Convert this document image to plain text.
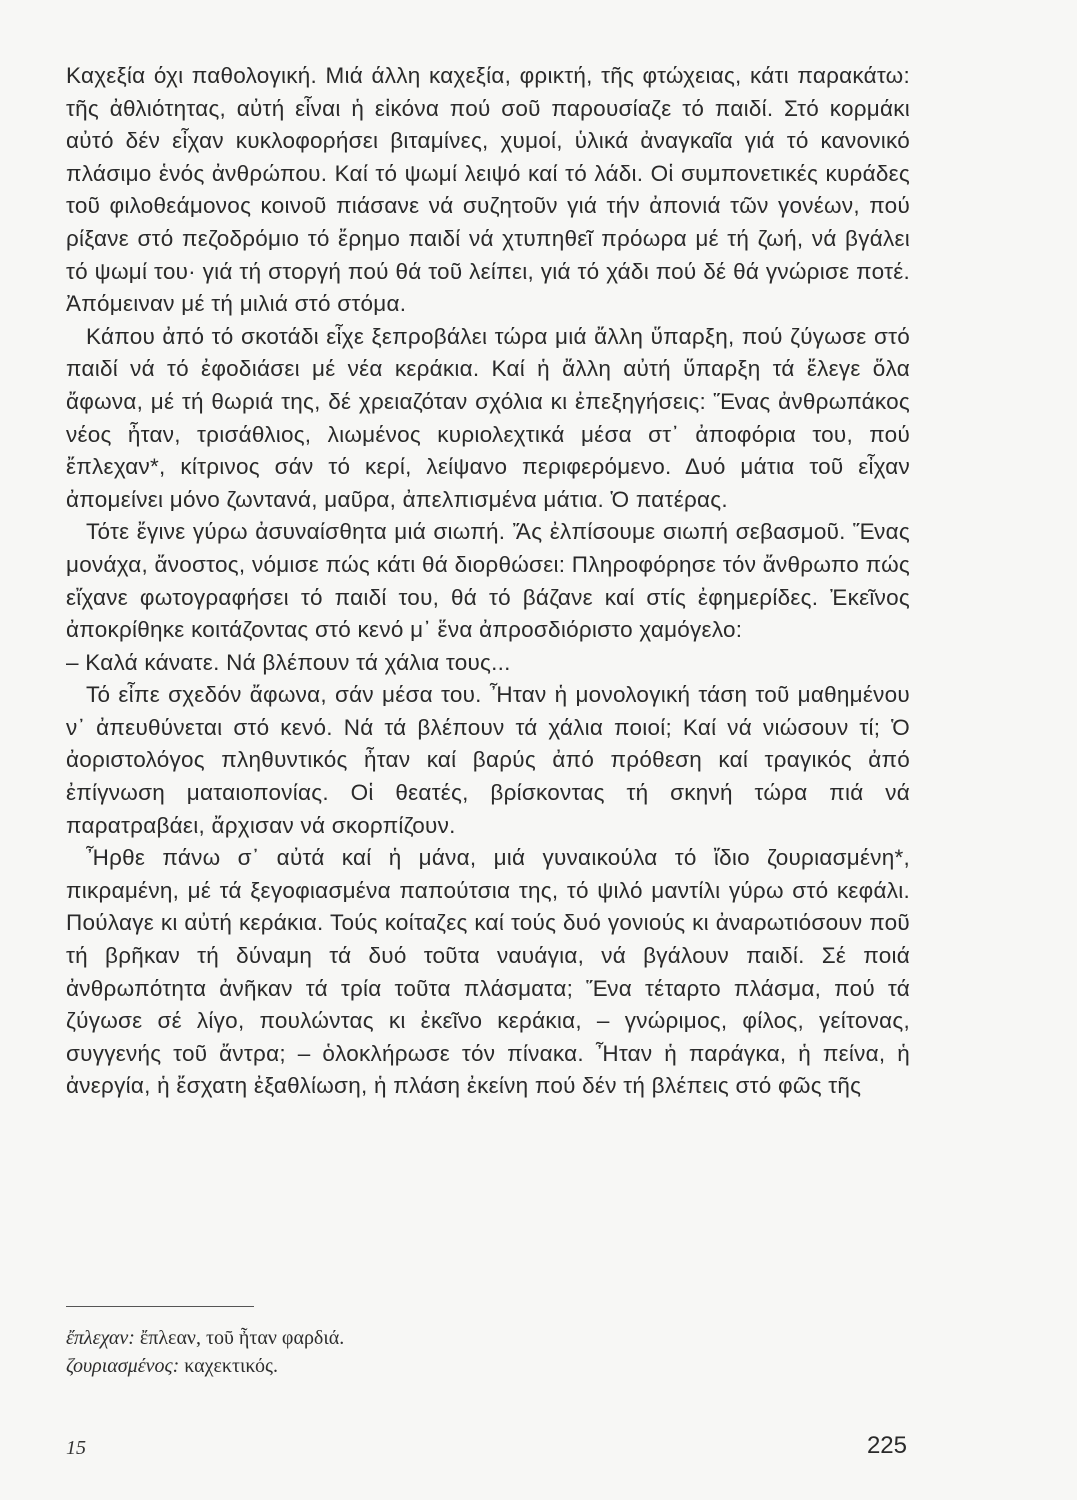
Καχεξία όχι παθολογική. Μιά άλλη καχεξία, φρικτή, τῆς φτώχειας, κάτι παρακάτω: τῆς ἀθλιότητας, αὐτή εἶναι ἡ εἰκόνα πού σοῦ παρουσίαζε τό παιδί. Στό κορμάκι αὐτό δέν εἶχαν κυκλοφορήσει βιταμίνες, χυμοί, ὑλικά ἀναγκαῖα γιά τό κανονικό πλάσιμο ἑνός ἀνθρώπου. Καί τό ψωμί λειψό καί τό λάδι. Οἱ συμπονετικές κυράδες τοῦ φιλοθεάμονος κοινοῦ πιάσανε νά συζητοῦν γιά τήν ἀπονιά τῶν γονέων, πού ρίξανε στό πεζοδρόμιο τό ἔρημο παιδί νά χτυπηθεῖ πρόωρα μέ τή ζωή, νά βγάλει τό ψωμί του· γιά τή στοργή πού θά τοῦ λείπει, γιά τό χάδι πού δέ θά γνώρισε ποτέ. Ἀπόμειναν μέ τή μιλιά στό στόμα.

Κάπου ἀπό τό σκοτάδι εἶχε ξεπροβάλει τώρα μιά ἄλλη ὕπαρξη, πού ζύγωσε στό παιδί νά τό ἐφοδιάσει μέ νέα κεράκια. Καί ἡ ἄλλη αὐτή ὕπαρξη τά ἔλεγε ὅλα ἄφωνα, μέ τή θωριά της, δέ χρειαζόταν σχόλια κι ἐπεξηγήσεις: Ἕνας ἀνθρωπάκος νέος ἦταν, τρισάθλιος, λιωμένος κυριολεχτικά μέσα στ᾿ ἀποφόρια του, πού ἔπλεχαν*, κίτρινος σάν τό κερί, λείψανο περιφερόμενο. Δυό μάτια τοῦ εἶχαν ἀπομείνει μόνο ζωντανά, μαῦρα, ἀπελπισμένα μάτια. Ὁ πατέρας.

Τότε ἔγινε γύρω ἀσυναίσθητα μιά σιωπή. Ἄς ἐλπίσουμε σιωπή σεβασμοῦ. Ἕνας μονάχα, ἄνοστος, νόμισε πώς κάτι θά διορθώσει: Πληροφόρησε τόν ἄνθρωπο πώς εἴχανε φωτογραφήσει τό παιδί του, θά τό βάζανε καί στίς ἐφημερίδες. Ἐκεῖνος ἀποκρίθηκε κοιτάζοντας στό κενό μ᾿ ἕνα ἀπροσδιόριστο χαμόγελο:

– Καλά κάνατε. Νά βλέπουν τά χάλια τους...

Τό εἶπε σχεδόν ἄφωνα, σάν μέσα του. Ἦταν ἡ μονολογική τάση τοῦ μαθημένου ν᾿ ἀπευθύνεται στό κενό. Νά τά βλέπουν τά χάλια ποιοί; Καί νά νιώσουν τί; Ὁ ἀοριστολόγος πληθυντικός ἦταν καί βαρύς ἀπό πρόθεση καί τραγικός ἀπό ἐπίγνωση ματαιοπονίας. Οἱ θεατές, βρίσκοντας τή σκηνή τώρα πιά νά παρατραβάει, ἄρχισαν νά σκορπίζουν.

Ἦρθε πάνω σ᾿ αὐτά καί ἡ μάνα, μιά γυναικούλα τό ἴδιο ζουριασμένη*, πικραμένη, μέ τά ξεγοφιασμένα παπούτσια της, τό ψιλό μαντίλι γύρω στό κεφάλι. Πούλαγε κι αὐτή κεράκια. Τούς κοίταζες καί τούς δυό γονιούς κι ἀναρωτιόσουν ποῦ τή βρῆκαν τή δύναμη τά δυό τοῦτα ναυάγια, νά βγάλουν παιδί. Σέ ποιά ἀνθρωπότητα ἀνῆκαν τά τρία τοῦτα πλάσματα; Ἕνα τέταρτο πλάσμα, πού τά ζύγωσε σέ λίγο, πουλώντας κι ἐκεῖνο κεράκια, – γνώριμος, φίλος, γείτονας, συγγενής τοῦ ἄντρα; – ὁλοκλήρωσε τόν πίνακα. Ἦταν ἡ παράγκα, ἡ πείνα, ἡ ἀνεργία, ἡ ἔσχατη ἐξαθλίωση, ἡ πλάση ἐκείνη πού δέν τή βλέπεις στό φῶς τῆς

ἔπλεχαν: ἔπλεαν, τοῦ ἦταν φαρδιά.

ζουριασμένος: καχεκτικός.

15	225
